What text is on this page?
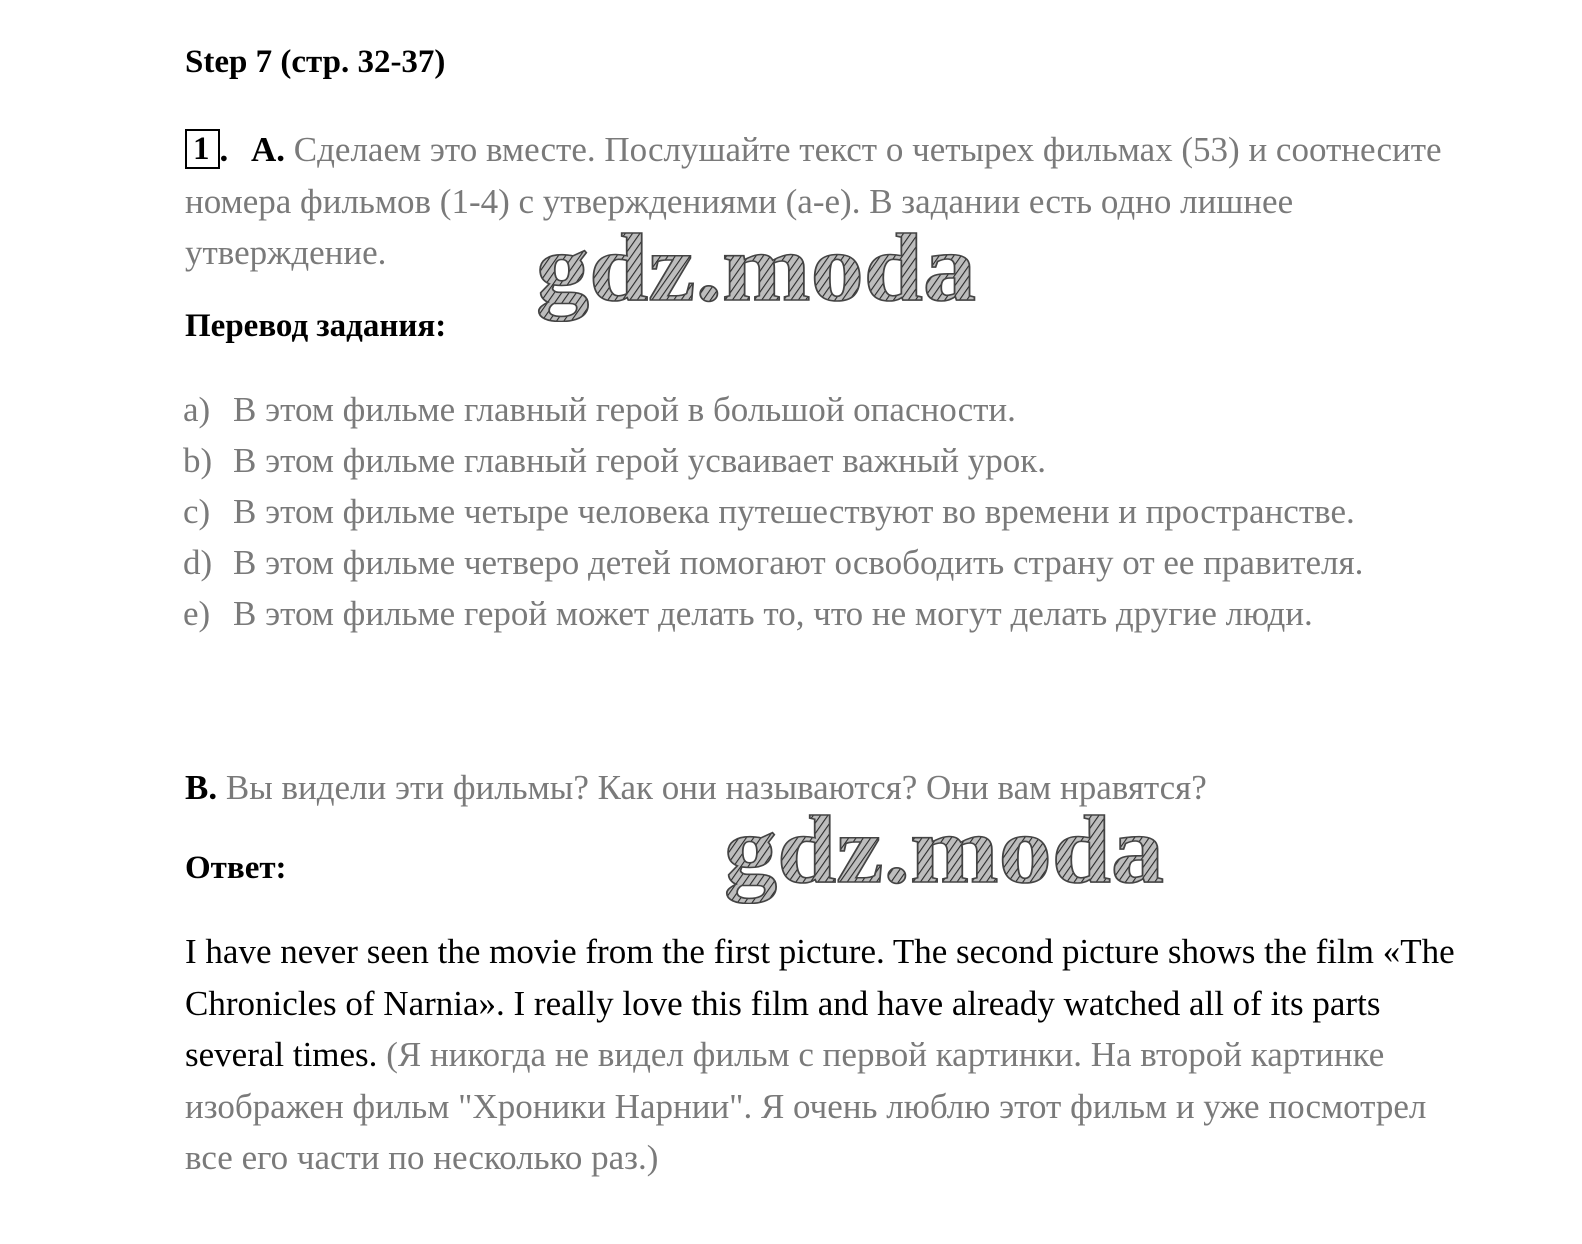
Step 7 (стр. 32-37)
1 . A. Сделаем это вместе. Послушайте текст о четырех фильмах (53) и соотнесите номера фильмов (1-4) с утверждениями (a-e). В задании есть одно лишнее утверждение.
Перевод задания:
a) В этом фильме главный герой в большой опасности.
b) В этом фильме главный герой усваивает важный урок.
c) В этом фильме четыре человека путешествуют во времени и пространстве.
d) В этом фильме четверо детей помогают освободить страну от ее правителя.
e) В этом фильме герой может делать то, что не могут делать другие люди.
B. Вы видели эти фильмы? Как они называются? Они вам нравятся?
Ответ:
I have never seen the movie from the first picture. The second picture shows the film «The Chronicles of Narnia». I really love this film and have already watched all of its parts several times. (Я никогда не видел фильм с первой картинки. На второй картинке изображен фильм "Хроники Нарнии". Я очень люблю этот фильм и уже посмотрел все его части по несколько раз.)
gdz.moda
gdz.moda
